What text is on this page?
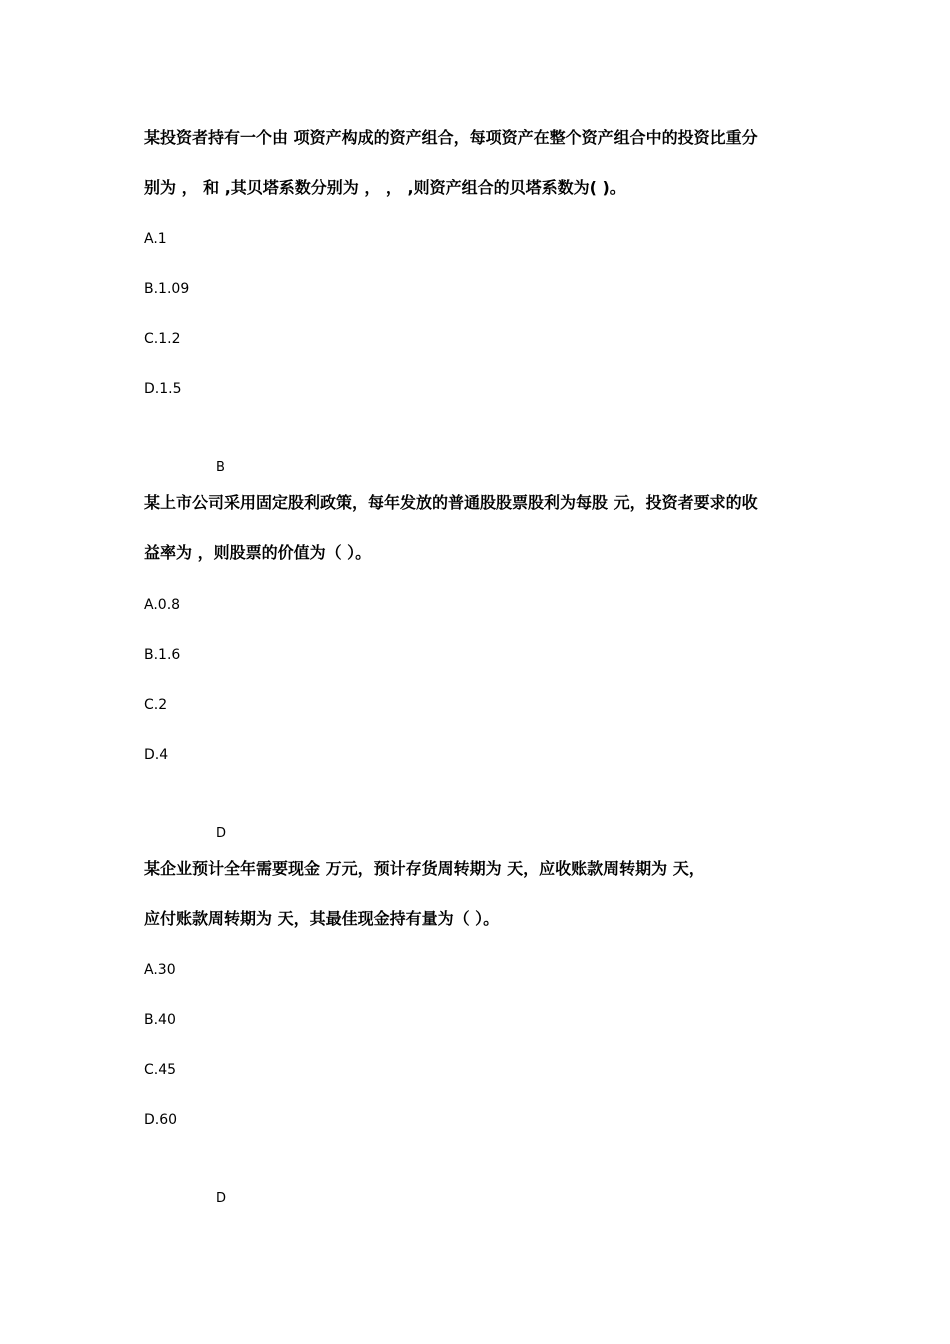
某投资者持有一个由 项资产构成的资产组合，每项资产在整个资产组合中的投资比重分
别为 ， 和 ,其贝塔系数分别为 ， ， ,则资产组合的贝塔系数为( )。
A.1
B.1.09
C.1.2
D.1.5
B
某上市公司采用固定股利政策，每年发放的普通股股票股利为每股 元，投资者要求的收
益率为 ，则股票的价值为（ ）。
A.0.8
B.1.6
C.2
D.4
D
某企业预计全年需要现金 万元，预计存货周转期为 天，应收账款周转期为 天，
应付账款周转期为 天，其最佳现金持有量为（ ）。
A.30
B.40
C.45
D.60
D
